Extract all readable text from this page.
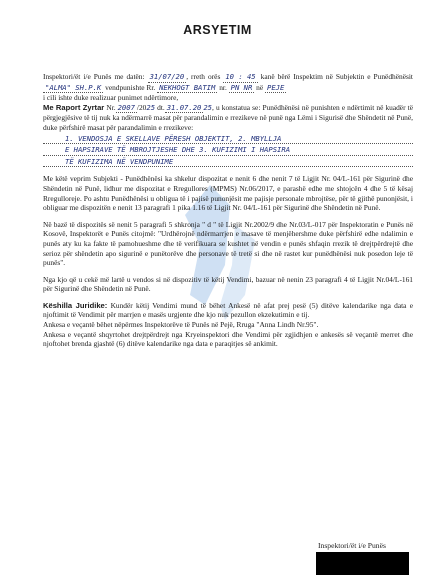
ARSYETIM

Inspektori/ët i/e Punës me datën: 31/07/20 , rreth orës 10 : 45 kanë bërë Inspektim në Subjektin e Punëdhënësit "ALMA" SH.P.K vendpunishte Rr. NEKHOGT BATIM nr. PN NR në PEJE
i cili ishte duke realizuar punimet ndërtimore,

Me Raport Zyrtar Nr. 2007 /2025 dt. 31.07.20 25, u konstatua se: Punëdhënësi në punishten e ndërtimit në kuadër të përgjegjësive të tij nuk ka ndërmarrë masat për parandalimin e rrezikeve në punë nga Lëmi i Sigurisë dhe Shëndetit në Punë, duke përfshirë masat për parandalimin e rrezikeve:

1. VENDOSJA E SKELLAVE PËRESH OBJEKTIT, 2. MBYLLJA
E HAPSIRAVE TË MBROJTJESHE DHE 3. KUFIZIMI I HAPSIRA
TË KUFIZIMA NË VENDPUNIME

Me këtë veprim Subjekti - Punëdhënësi ka shkelur dispozitat e nenit 6 dhe nenit 7 të Ligjit Nr. 04/L-161 për Sigurinë dhe Shëndetin në Punë, lidhur me dispozitat e Rregullores (MPMS) Nr.06/2017, e parashë edhe me shtojcën 4 dhe 5 të kësaj Rregulloreje. Po ashtu Punëdhënësi u obligua të i pajisë punonjësit me pajisje personale mbrojtëse, për të gjithë punonjësit, i obliguar me dispozitën e nenit 13 paragrafi 1 pika 1.16 të Ligjit Nr. 04/L-161 për Sigurinë dhe Shëndetin në Punë.

Në bazë të dispozitës së nenit 5 paragrafi 5 shkronja " d " të Ligjit Nr.2002/9 dhe Nr.03/L-017 për Inspektoratin e Punës në Kosovë, Inspektorët e Punës citojmë: "Urdhërojnë ndërmarrjen e masave të menjëhershme duke përfshirë edhe ndalimin e punës aty ku ka fakte të pamohueshme dhe të verifikuara se kushtet në vendin e punës shfaqin rrezik të drejtpërdrejtë dhe serioz për shëndetin apo sigurinë e punëtorëve dhe personave të tretë si dhe në rastet kur punëdhënësi nuk posedon leje të punës".

Nga kjo që u cekë më lartë u vendos si në dispozitiv të këtij Vendimi, bazuar në nenin 23 paragrafi 4 të Ligjit Nr.04/L-161 për Sigurinë dhe Shëndetin në Punë.

Këshilla Juridike: Kundër këtij Vendimi mund të bëhet Ankesë në afat prej pesë (5) ditëve kalendarike nga data e njoftimit të Vendimit për marrjen e masës urgjente dhe kjo nuk pezullon ekzekutimin e tij.

Ankesa e veçantë bëhet nëpërmes Inspektorëve të Punës në Pejë, Rruga "Anna Lindh Nr.95".

Ankesa e veçantë shqyrtohet drejtpërdrejt nga Kryeinspektori dhe Vendimi për zgjidhjen e ankesës së veçantë merret dhe njoftohet brenda gjashtë (6) ditëve kalendarike nga data e paraqitjes së ankimit.

Inspektori/ët i/e Punës
